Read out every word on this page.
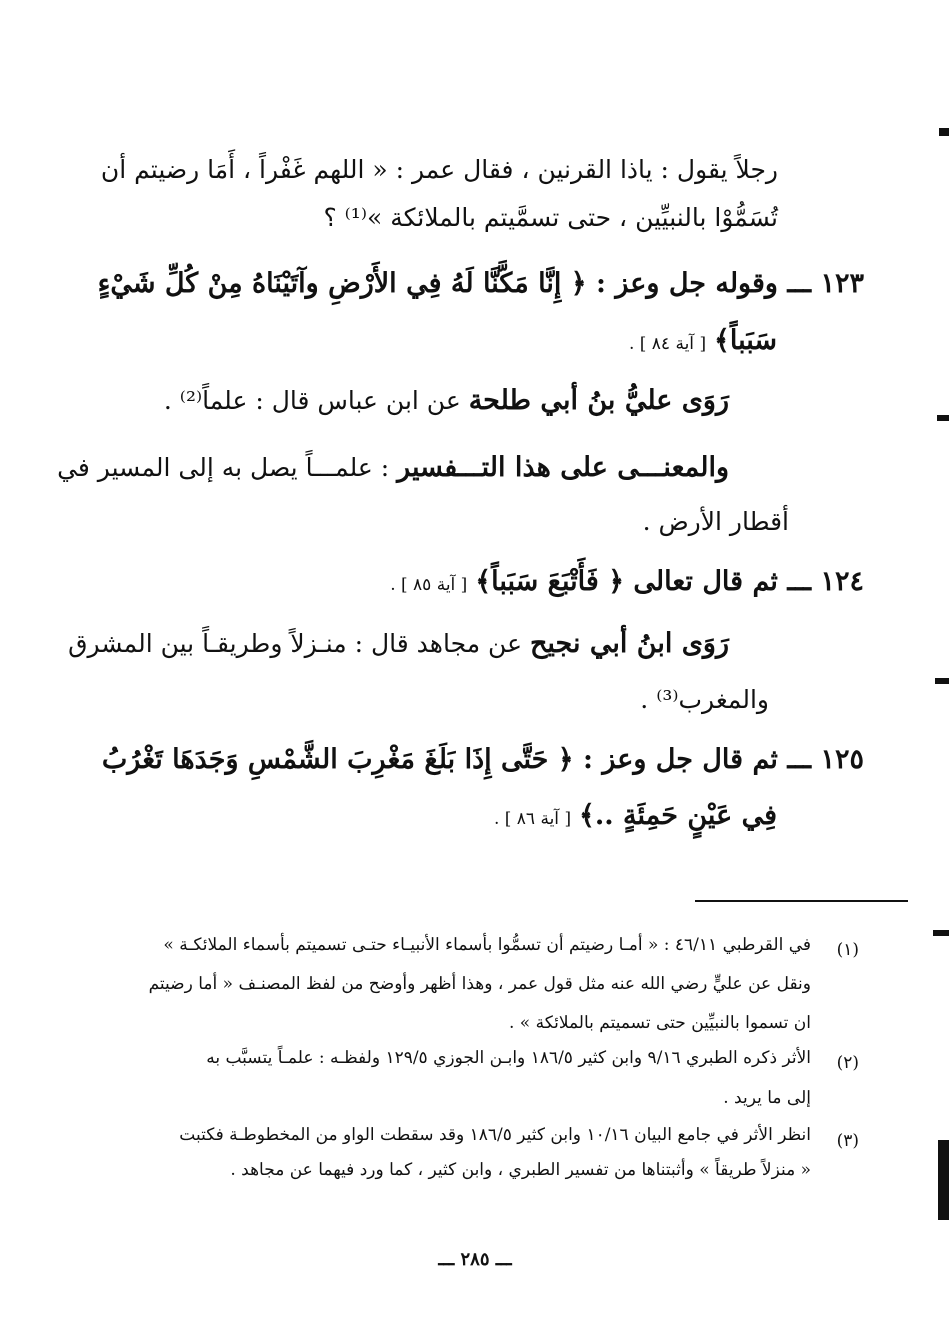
رجلاً يقول : ياذا القرنين ، فقال عمر : « اللهم غَفْراً ، أَمَا رضيتم أن
تُسَمُّوْا بالنبيِّين ، حتى تسمَّيتم بالملائكة »⁽¹⁾ ؟
١٢٣ ـــ وقوله جل وعز : ﴿ إِنَّا مَكَّنَّا لَهُ فِي الأَرْضِ وآتَيْنَاهُ مِنْ كُلِّ شَيْءٍ
سَبَباً﴾ [ آية ٨٤ ] .
رَوَى عليُّ بنُ أبي طلحة عن ابن عباس قال : علماً⁽²⁾ .
والمعنـــى على هذا التـــفسير : علمـــاً يصل به إلى المسير في
أقطار الأرض .
١٢٤ ـــ ثم قال تعالى ﴿ فَأَتْبَعَ سَبَباً﴾ [ آية ٨٥ ] .
رَوَى ابنُ أبي نجيح عن مجاهد قال : منـزلاً وطريقـاً بين المشرق
والمغرب⁽³⁾ .
١٢٥ ـــ ثم قال جل وعز : ﴿ حَتَّى إِذَا بَلَغَ مَغْرِبَ الشَّمْسِ وَجَدَهَا تَغْرُبُ
فِي عَيْنٍ حَمِئَةٍ ..﴾ [ آية ٨٦ ] .
(١)
في القرطبي ٤٦/١١ : « أمـا رضيتم أن تسمُّوا بأسماء الأنبيـاء حتـى تسميتم بأسماء الملائكـة »
ونقل عن عليٍّ رضي الله عنه مثل قول عمر ، وهذا أظهر وأوضح من لفظ المصنـف « أما رضيتم
ان تسموا بالنبيِّين حتى تسميتم بالملائكة » .
(٢)
الأثر ذكره الطبري ٩/١٦ وابن كثير ١٨٦/٥ وابـن الجوزي ١٢٩/٥ ولفظـه : علمـاً يتسبَّب به
إلى ما يريد .
(٣)
انظر الأثر في جامع البيان ١٠/١٦ وابن كثير ١٨٦/٥ وقد سقطت الواو من المخطوطـة فكتبت
« منزلاً طريقاً » وأثبتناها من تفسير الطبري ، وابن كثير ، كما ورد فيهما عن مجاهد .
ـــ ٢٨٥ ـــ
